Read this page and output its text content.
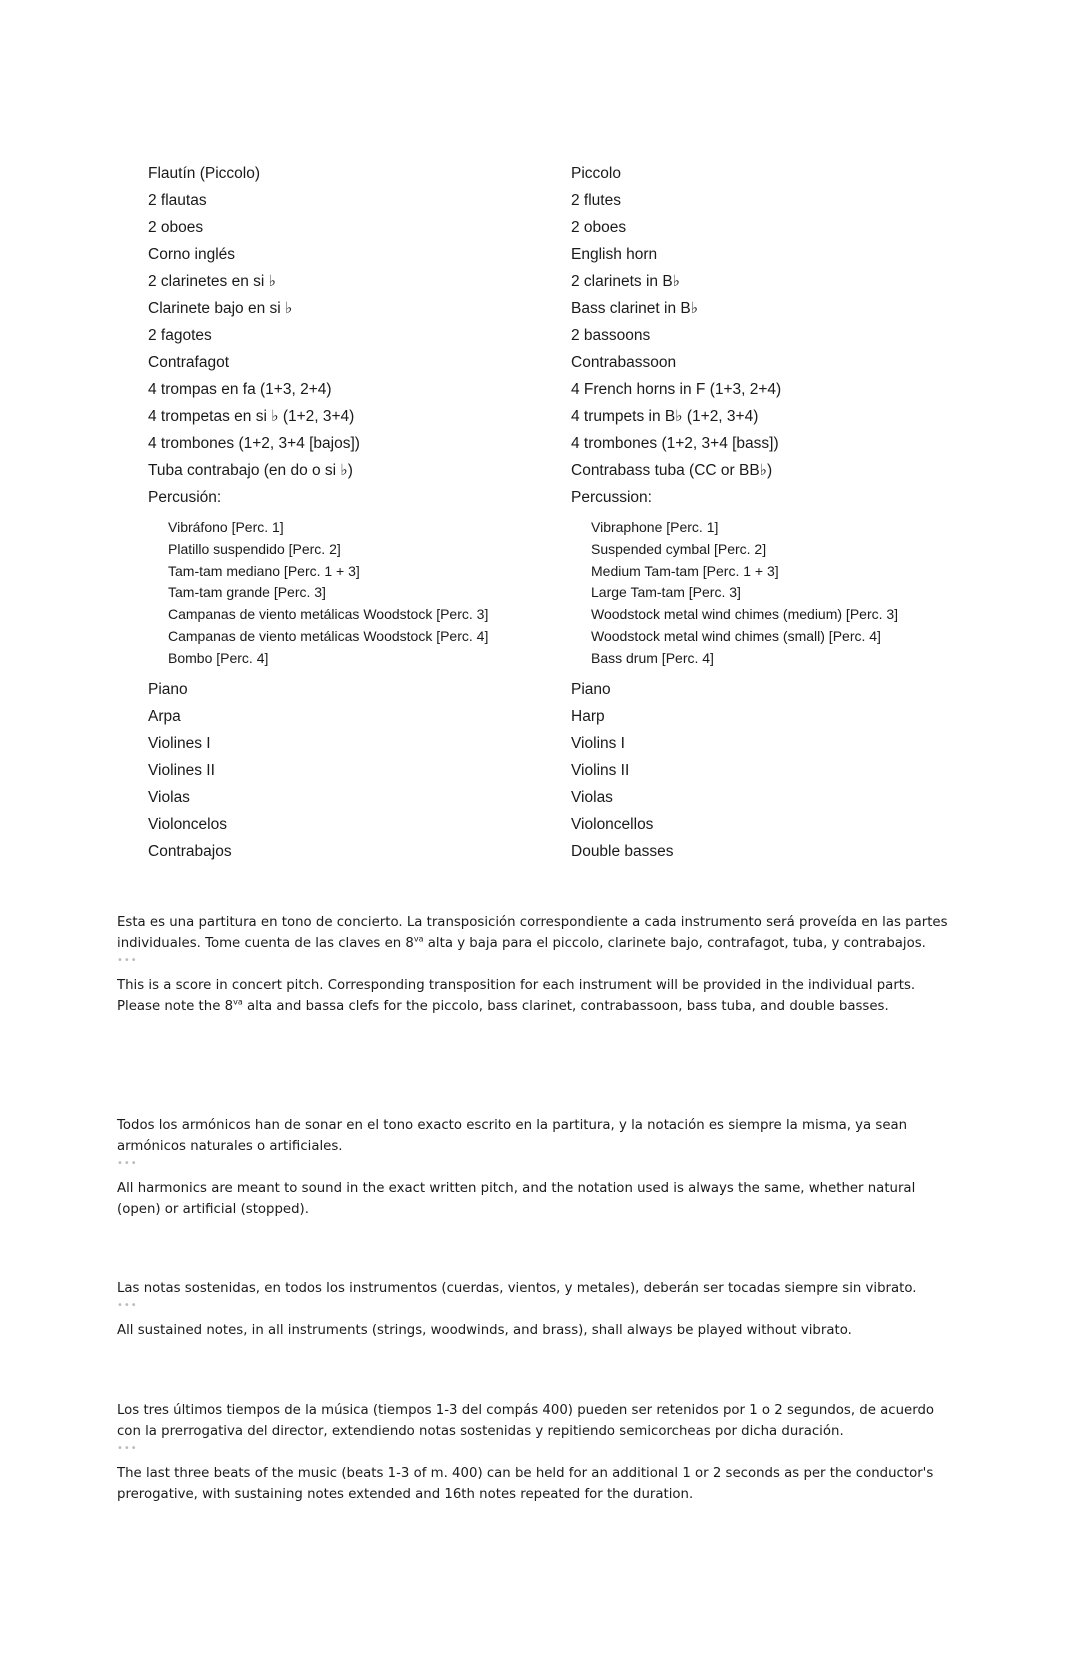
Flautín (Piccolo)
2 flautas
2 oboes
Corno inglés
2 clarinetes en si ♭
Clarinete bajo en si ♭
2 fagotes
Contrafagot
4 trompas en fa (1+3, 2+4)
4 trompetas en si ♭ (1+2, 3+4)
4 trombones (1+2, 3+4 [bajos])
Tuba contrabajo (en do o si ♭)
Percusión:
Vibráfono [Perc. 1]
Platillo suspendido [Perc. 2]
Tam-tam mediano [Perc. 1 + 3]
Tam-tam grande [Perc. 3]
Campanas de viento metálicas Woodstock [Perc. 3]
Campanas de viento metálicas Woodstock [Perc. 4]
Bombo [Perc. 4]
Piano
Arpa
Violines I
Violines II
Violas
Violoncelos
Contrabajos
Piccolo
2 flutes
2 oboes
English horn
2 clarinets in B♭
Bass clarinet in B♭
2 bassoons
Contrabassoon
4 French horns in F (1+3, 2+4)
4 trumpets in B♭ (1+2, 3+4)
4 trombones (1+2, 3+4 [bass])
Contrabass tuba (CC or BB♭)
Percussion:
Vibraphone [Perc. 1]
Suspended cymbal [Perc. 2]
Medium Tam-tam [Perc. 1 + 3]
Large Tam-tam [Perc. 3]
Woodstock metal wind chimes (medium) [Perc. 3]
Woodstock metal wind chimes (small) [Perc. 4]
Bass drum [Perc. 4]
Piano
Harp
Violins I
Violins II
Violas
Violoncellos
Double basses

Esta es una partitura en tono de concierto. La transposición correspondiente a cada instrumento será proveída en las partes
individuales. Tome cuenta de las claves en $8^{va}$ alta y baja para el piccolo, clarinete bajo, contrafagot, tuba, y contrabajos.

•••

This is a score in concert pitch. Corresponding transposition for each instrument will be provided in the individual parts.
Please note the $8^{va}$ alta and bassa clefs for the piccolo, bass clarinet, contrabassoon, bass tuba, and double basses.

Todos los armónicos han de sonar en el tono exacto escrito en la partitura, y la notación es siempre la misma, ya sean
armónicos naturales o artificiales.

•••

All harmonics are meant to sound in the exact written pitch, and the notation used is always the same, whether natural
(open) or artificial (stopped).

Las notas sostenidas, en todos los instrumentos (cuerdas, vientos, y metales), deberán ser tocadas siempre sin vibrato.

•••

All sustained notes, in all instruments (strings, woodwinds, and brass), shall always be played without vibrato.

Los tres últimos tiempos de la música (tiempos 1-3 del compás 400) pueden ser retenidos por 1 o 2 segundos, de acuerdo
con la prerrogativa del director, extendiendo notas sostenidas y repitiendo semicorcheas por dicha duración.

•••

The last three beats of the music (beats 1-3 of m. 400) can be held for an additional 1 or 2 seconds as per the conductor's
prerogative, with sustaining notes extended and 16th notes repeated for the duration.
